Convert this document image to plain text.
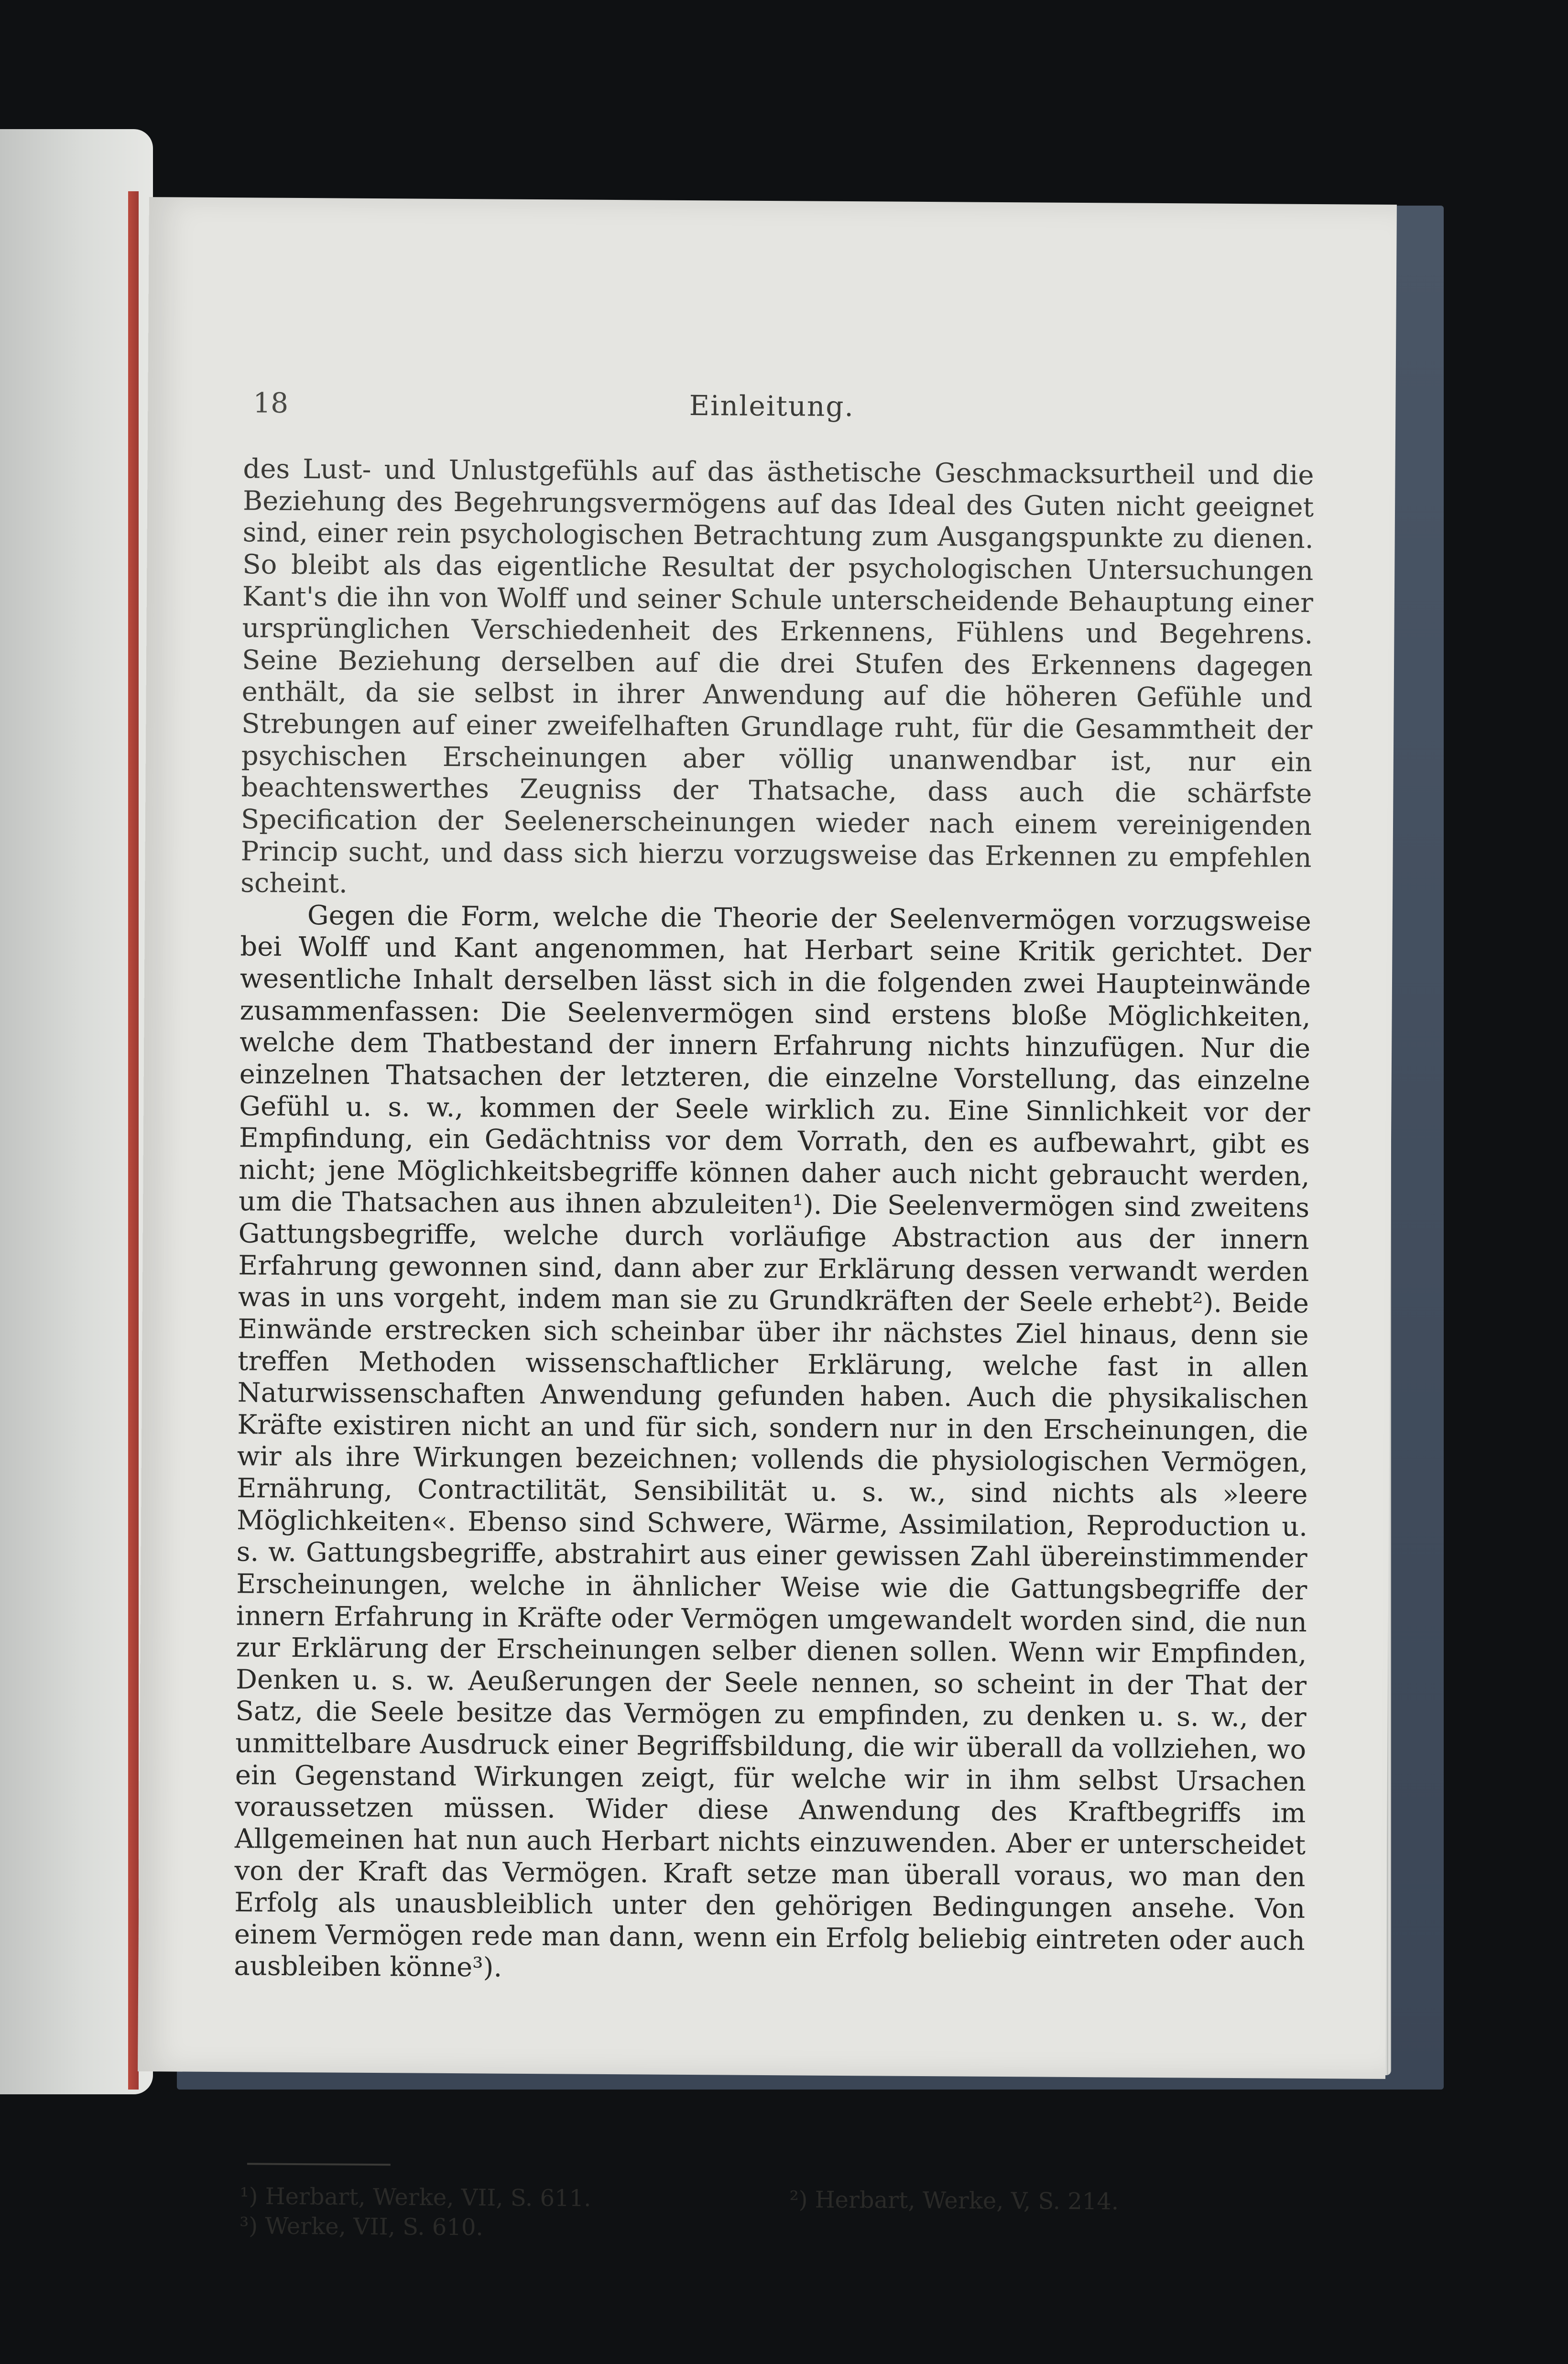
18	Einleitung.

des Lust- und Unlustgefühls auf das ästhetische Geschmacksurtheil und die Beziehung des Begehrungsvermögens auf das Ideal des Guten nicht geeignet sind, einer rein psychologischen Betrachtung zum Ausgangspunkte zu dienen. So bleibt als das eigentliche Resultat der psychologischen Untersuchungen Kant's die ihn von Wolff und seiner Schule unterscheidende Behauptung einer ursprünglichen Verschiedenheit des Erkennens, Fühlens und Begehrens. Seine Beziehung derselben auf die drei Stufen des Erkennens dagegen enthält, da sie selbst in ihrer Anwendung auf die höheren Gefühle und Strebungen auf einer zweifelhaften Grundlage ruht, für die Gesammtheit der psychischen Erscheinungen aber völlig unanwendbar ist, nur ein beachtenswerthes Zeugniss der Thatsache, dass auch die schärfste Specification der Seelenerscheinungen wieder nach einem vereinigenden Princip sucht, und dass sich hierzu vorzugsweise das Erkennen zu empfehlen scheint.

Gegen die Form, welche die Theorie der Seelenvermögen vorzugsweise bei Wolff und Kant angenommen, hat Herbart seine Kritik gerichtet. Der wesentliche Inhalt derselben lässt sich in die folgenden zwei Haupteinwände zusammenfassen: Die Seelenvermögen sind erstens bloße Möglichkeiten, welche dem Thatbestand der innern Erfahrung nichts hinzufügen. Nur die einzelnen Thatsachen der letzteren, die einzelne Vorstellung, das einzelne Gefühl u. s. w., kommen der Seele wirklich zu. Eine Sinnlichkeit vor der Empfindung, ein Gedächtniss vor dem Vorrath, den es aufbewahrt, gibt es nicht; jene Möglichkeitsbegriffe können daher auch nicht gebraucht werden, um die Thatsachen aus ihnen abzuleiten¹). Die Seelenvermögen sind zweitens Gattungsbegriffe, welche durch vorläufige Abstraction aus der innern Erfahrung gewonnen sind, dann aber zur Erklärung dessen verwandt werden was in uns vorgeht, indem man sie zu Grundkräften der Seele erhebt²). Beide Einwände erstrecken sich scheinbar über ihr nächstes Ziel hinaus, denn sie treffen Methoden wissenschaftlicher Erklärung, welche fast in allen Naturwissenschaften Anwendung gefunden haben. Auch die physikalischen Kräfte existiren nicht an und für sich, sondern nur in den Erscheinungen, die wir als ihre Wirkungen bezeichnen; vollends die physiologischen Vermögen, Ernährung, Contractilität, Sensibilität u. s. w., sind nichts als »leere Möglichkeiten«. Ebenso sind Schwere, Wärme, Assimilation, Reproduction u. s. w. Gattungsbegriffe, abstrahirt aus einer gewissen Zahl übereinstimmender Erscheinungen, welche in ähnlicher Weise wie die Gattungsbegriffe der innern Erfahrung in Kräfte oder Vermögen umgewandelt worden sind, die nun zur Erklärung der Erscheinungen selber dienen sollen. Wenn wir Empfinden, Denken u. s. w. Aeußerungen der Seele nennen, so scheint in der That der Satz, die Seele besitze das Vermögen zu empfinden, zu denken u. s. w., der unmittelbare Ausdruck einer Begriffsbildung, die wir überall da vollziehen, wo ein Gegenstand Wirkungen zeigt, für welche wir in ihm selbst Ursachen voraussetzen müssen. Wider diese Anwendung des Kraftbegriffs im Allgemeinen hat nun auch Herbart nichts einzuwenden. Aber er unterscheidet von der Kraft das Vermögen. Kraft setze man überall voraus, wo man den Erfolg als unausbleiblich unter den gehörigen Bedingungen ansehe. Von einem Vermögen rede man dann, wenn ein Erfolg beliebig eintreten oder auch ausbleiben könne³).

¹) Herbart, Werke, VII, S. 611.	²) Herbart, Werke, V, S. 214.
³) Werke, VII, S. 610.
